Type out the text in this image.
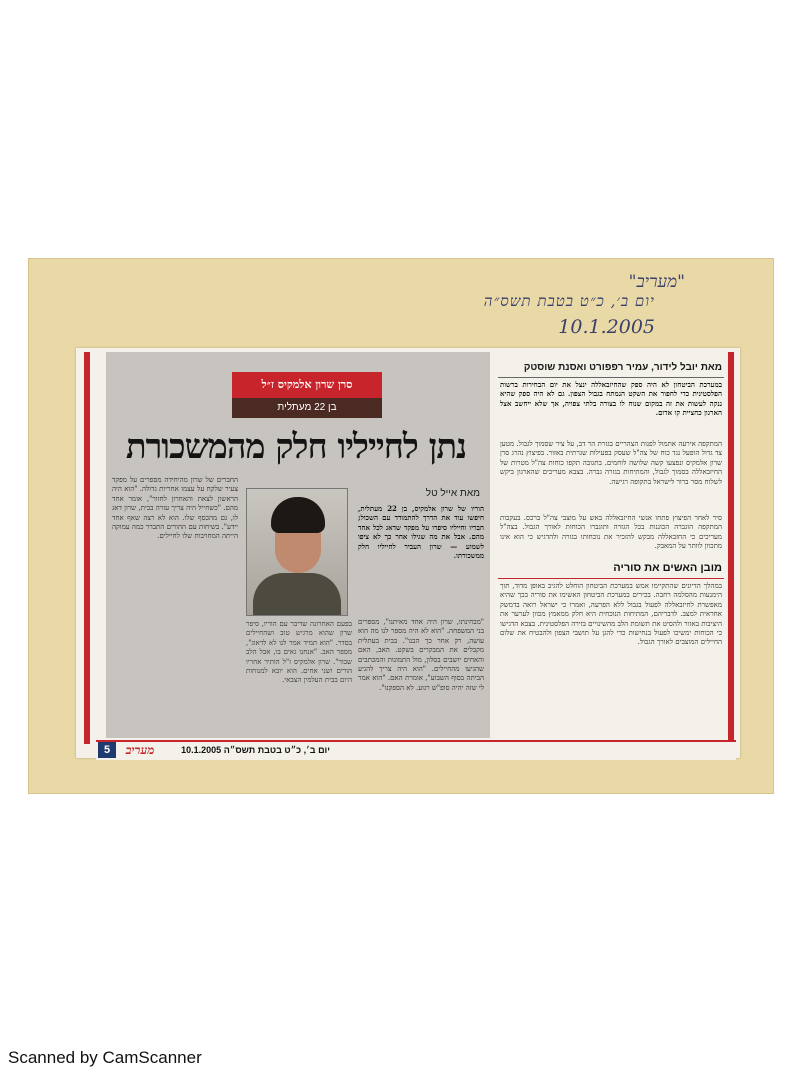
"מעריב"
יום ב׳, כ״ט בטבת תשס״ה
10.1.2005
סרן שרון אלמקיס ז״ל
בן 22 מעתלית
נתן לחייליו חלק מהמשכורת
מאת אייל טל
הוריו של שרון אלמקיס, בן 22 מעתלית, חיפשו עוד את הדרך להתמודד עם השכול; חבריו וחייליו סיפרו על מפקד שדאג לכל אחד מהם. אבל את מה שגילו אחר כך לא ציפו לשמוע — שרון העביר לחייליו חלק ממשכורתו.
"מבחינתו, שרון היה אחד מאיתנו", מספרים בני המשפחה. "הוא לא היה מספר לנו מה הוא עושה, רק אחר כך הבנו". בבית בעתלית מקבלים את המבקרים בשקט. האב, האם והאחים יושבים בסלון, מול התמונות והמכתבים שהגיעו מהחיילים. "הוא היה צריך להגיע הביתה בסוף השבוע", אומרת האם. "הוא אמר לי שזה יהיה סופ"ש רגוע. לא הספקנו".
החברים של שרון מהיחידה מספרים על מפקד צעיר שלקח על עצמו אחריות גדולה. "הוא היה הראשון לצאת והאחרון לחזור", אומר אחד מהם. "כשחייל היה צריך עזרה בבית, שרון דאג לו, גם מהכסף שלו. הוא לא רצה שאף אחד יידע". בשיחות עם ההורים התברר כמה עמוקה הייתה המחויבות שלו לחיילים.
בפעם האחרונה שדיבר עם הוריו, סיפר שרון שהוא מרגיש טוב ושהחיילים בסדר. "הוא תמיד אמר לנו לא לדאוג", מספר האב. "אנחנו גאים בו, אבל הלב שבור". שרון אלמקיס ז"ל הותיר אחריו הורים ושני אחים. הוא יובא למנוחות היום בבית העלמין הצבאי.
מאת יובל לידור, עמיר רפפורט ואסנת שוסטק
במערכת הביטחון לא היה ספק שהחיזבאללה ינצל את יום הבחירות ברשות הפלסטינית כדי לחפור את השקט הנמתח בגבול הצפון. גם לא היה ספק שהיא ננקה לעשות את זה במקום שנוח לו בצורה בלתי צפויה, אך שלא ייחשב אצל הארגון כחציית קו אדום.
המתקפה אירעה אתמול לפנות הצהריים בגזרת הר דב, על ציר שסמוך לגבול. מטען צד גדול הופעל נגד כוח של צה"ל שעסק בפעילות שגרתית באזור. בפיצוץ נהרג סרן שרון אלמקיס ונפצעו קשה שלושה לוחמים. בתגובה תקפו כוחות צה"ל מטרות של החיזבאללה בסמוך לגבול, והמתיחות בגזרה גברה. בצבא מעריכים שהארגון ביקש לשלוח מסר ברור לישראל בתקופה רגישה.
סיר לאחר הפיצוץ פתחו אנשי החיזבאללה באש על מוצבי צה"ל ברכס. בעקבות המתקפה הוגברה הכוננות בכל הגזרה ותוגברו הכוחות לאורך הגבול. בצה"ל מעריכים כי החזבאללה מבקש להזכיר את נוכחותו בגזרה ולהדגיש כי הוא אינו מתכוון לוותר על המאבק.
מובן האשים את סוריה
במהלך הדיונים שהתקיימו אמש במערכת הביטחון הוחלט להגיב באופן מדוד, תוך הימנעות מהסלמה רחבה. בכירים במערכת הביטחון האשימו את סוריה בכך שהיא מאפשרת לחיזבאללה לפעול בגבול ללא הפרעה, ואמרו כי ישראל רואה בדמשק אחראית למצב. לדבריהם, המתיחות הנוכחית היא חלק ממאמץ מכוון לערער את היציבות באזור ולהסיט את תשומת הלב מהשינויים בזירה הפלסטינית. בצבא הדגישו כי הכוחות ימשיכו לפעול בנחישות כדי להגן על תושבי הצפון ולהבטיח את שלום החיילים המוצבים לאורך הגבול.
5	מעריב	יום ב׳, כ״ט בטבת תשס״ה 10.1.2005
Scanned by CamScanner
